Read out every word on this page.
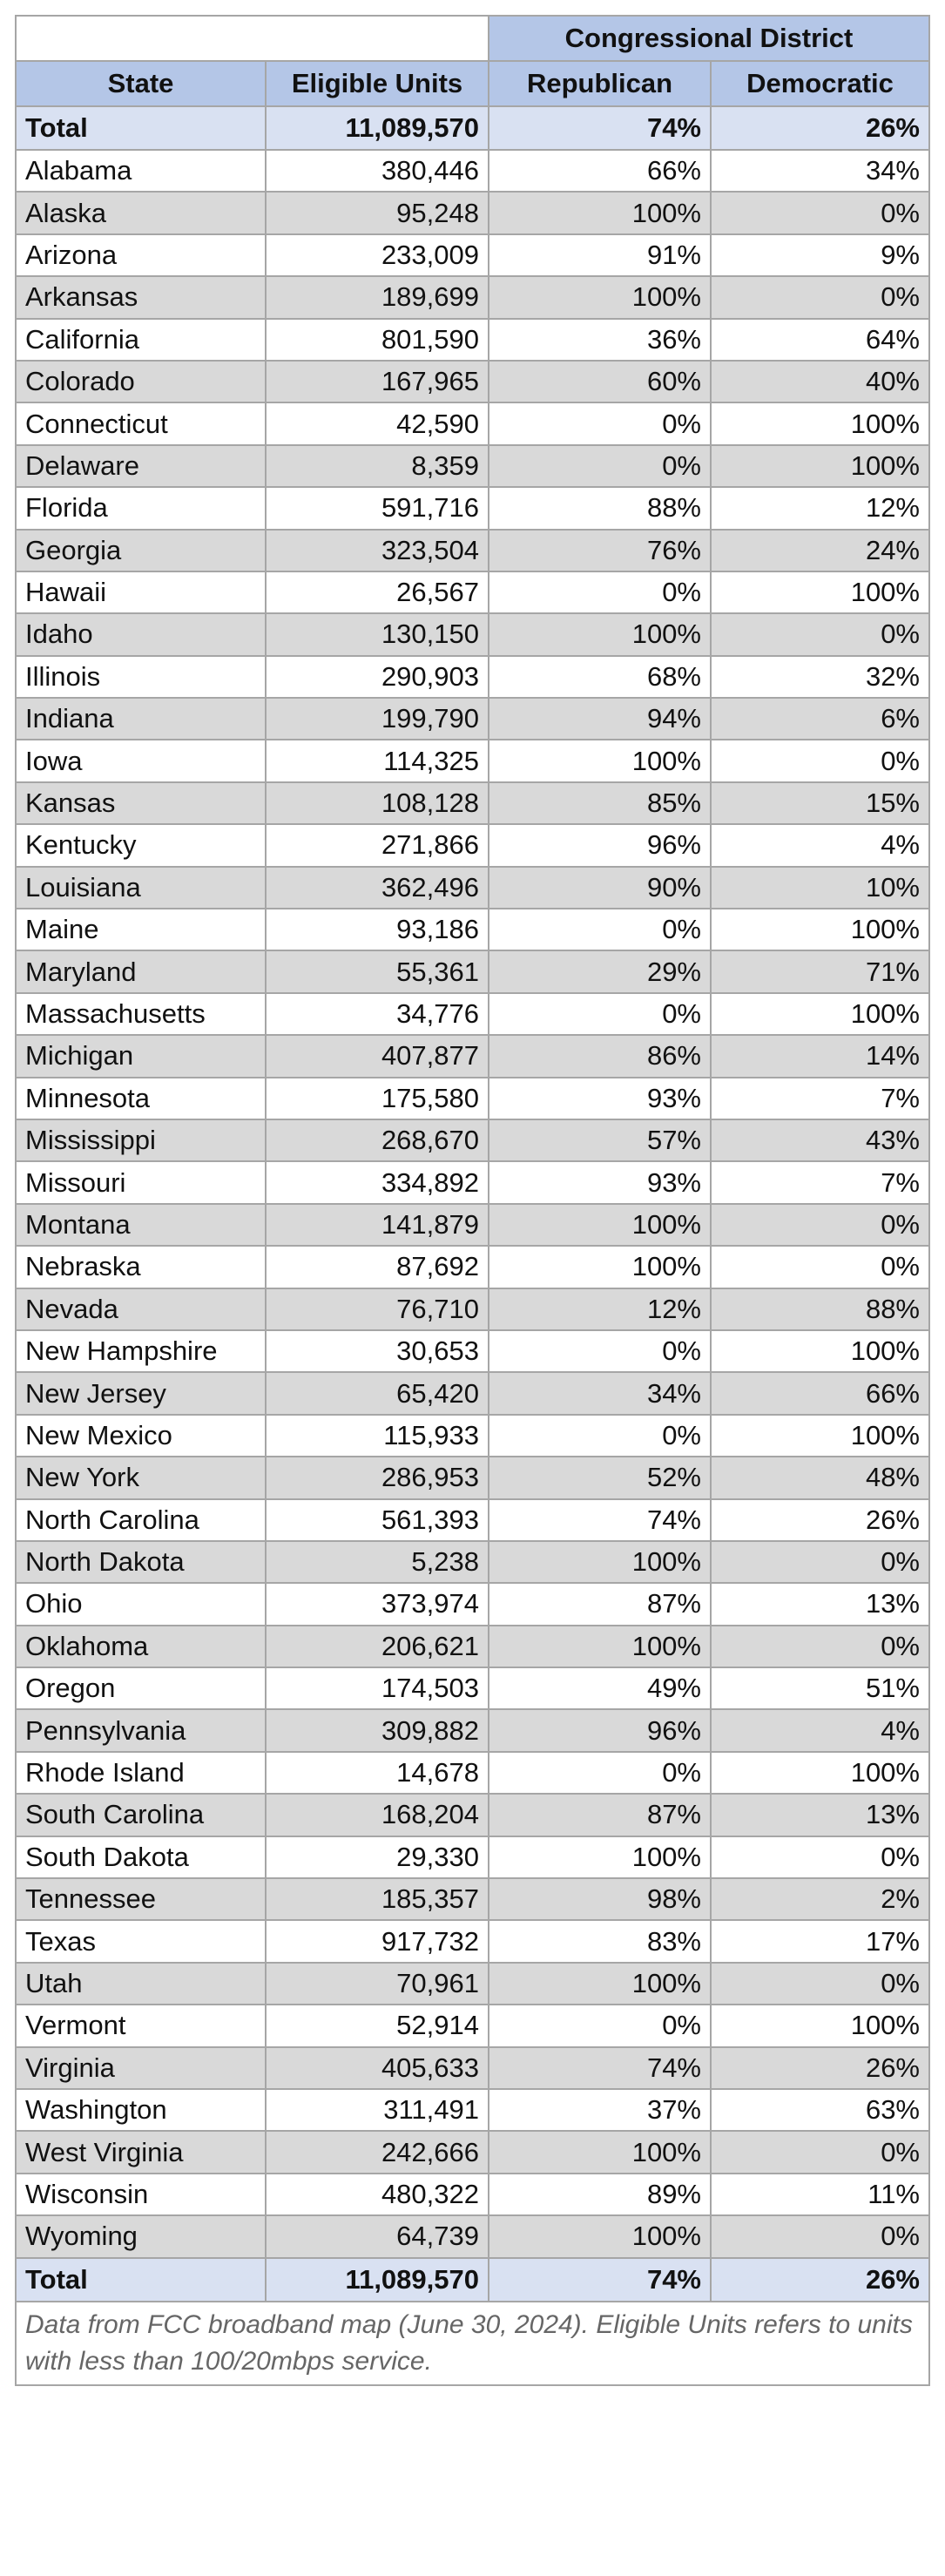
		Congressional District	
State	Eligible Units	Republican	Democratic
Total	11,089,570	74%	26%
Alabama	380,446	66%	34%
Alaska	95,248	100%	0%
Arizona	233,009	91%	9%
Arkansas	189,699	100%	0%
California	801,590	36%	64%
Colorado	167,965	60%	40%
Connecticut	42,590	0%	100%
Delaware	8,359	0%	100%
Florida	591,716	88%	12%
Georgia	323,504	76%	24%
Hawaii	26,567	0%	100%
Idaho	130,150	100%	0%
Illinois	290,903	68%	32%
Indiana	199,790	94%	6%
Iowa	114,325	100%	0%
Kansas	108,128	85%	15%
Kentucky	271,866	96%	4%
Louisiana	362,496	90%	10%
Maine	93,186	0%	100%
Maryland	55,361	29%	71%
Massachusetts	34,776	0%	100%
Michigan	407,877	86%	14%
Minnesota	175,580	93%	7%
Mississippi	268,670	57%	43%
Missouri	334,892	93%	7%
Montana	141,879	100%	0%
Nebraska	87,692	100%	0%
Nevada	76,710	12%	88%
New Hampshire	30,653	0%	100%
New Jersey	65,420	34%	66%
New Mexico	115,933	0%	100%
New York	286,953	52%	48%
North Carolina	561,393	74%	26%
North Dakota	5,238	100%	0%
Ohio	373,974	87%	13%
Oklahoma	206,621	100%	0%
Oregon	174,503	49%	51%
Pennsylvania	309,882	96%	4%
Rhode Island	14,678	0%	100%
South Carolina	168,204	87%	13%
South Dakota	29,330	100%	0%
Tennessee	185,357	98%	2%
Texas	917,732	83%	17%
Utah	70,961	100%	0%
Vermont	52,914	0%	100%
Virginia	405,633	74%	26%
Washington	311,491	37%	63%
West Virginia	242,666	100%	0%
Wisconsin	480,322	89%	11%
Wyoming	64,739	100%	0%
Total	11,089,570	74%	26%
Data from FCC broadband map (June 30, 2024). Eligible Units refers to units with less than 100/20mbps service.			
